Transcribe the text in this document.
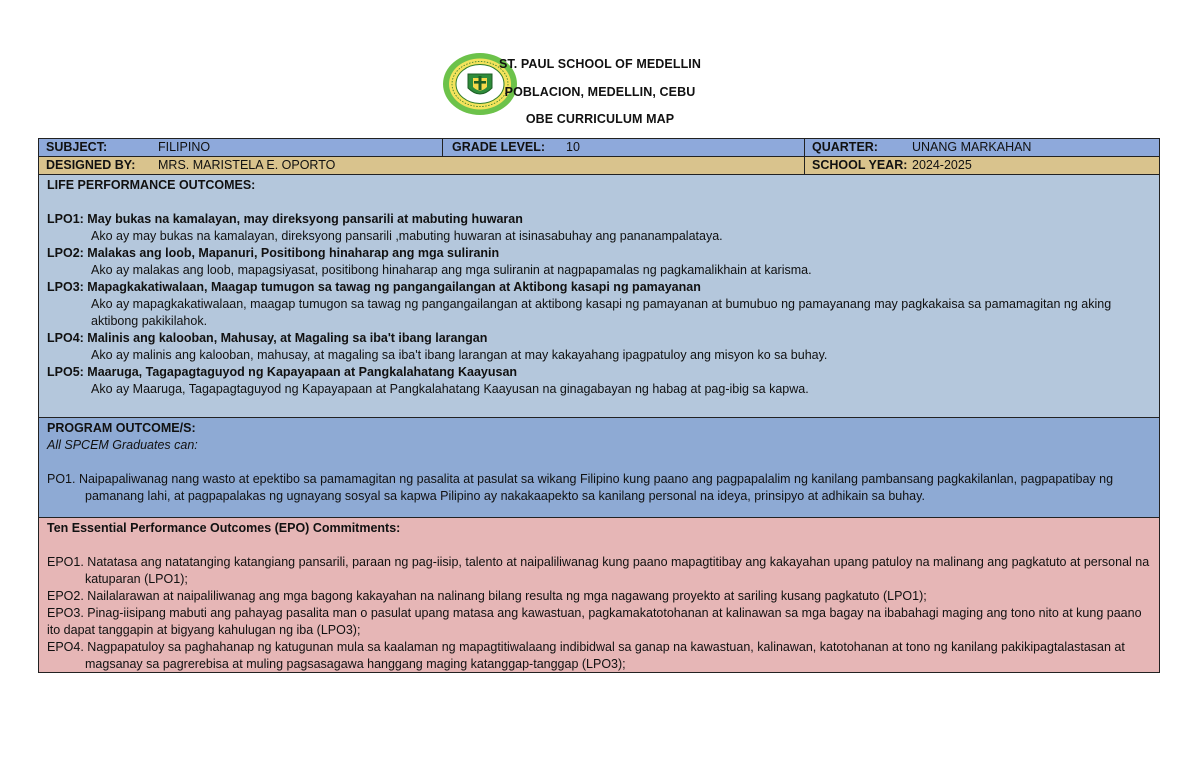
ST. PAUL SCHOOL OF MEDELLIN
POBLACION, MEDELLIN, CEBU
OBE CURRICULUM MAP
SUBJECT:	FILIPINO	GRADE LEVEL: 10	QUARTER:	UNANG MARKAHAN
DESIGNED BY: MRS. MARISTELA E. OPORTO	SCHOOL YEAR: 2024-2025

LIFE PERFORMANCE OUTCOMES:

LPO1: May bukas na kamalayan, may direksyong pansarili at mabuting huwaran

Ako ay may bukas na kamalayan, direksyong pansarili ,mabuting huwaran at isinasabuhay ang pananampalataya.

LPO2: Malakas ang loob, Mapanuri, Positibong hinaharap ang mga suliranin

Ako ay malakas ang loob, mapagsiyasat, positibong hinaharap ang mga suliranin at nagpapamalas ng pagkamalikhain at karisma.

LPO3: Mapagkakatiwalaan, Maagap tumugon sa tawag ng pangangailangan at Aktibong kasapi ng pamayanan

Ako ay mapagkakatiwalaan, maagap tumugon sa tawag ng pangangailangan at aktibong kasapi ng pamayanan at bumubuo ng pamayanang may pagkakaisa sa pamamagitan ng aking aktibong pakikilahok.

LPO4: Malinis ang kalooban, Mahusay, at Magaling sa iba't ibang larangan

Ako ay malinis ang kalooban, mahusay, at magaling sa iba't ibang larangan at may kakayahang ipagpatuloy ang misyon ko sa buhay.

LPO5: Maaruga, Tagapagtaguyod ng Kapayapaan at Pangkalahatang Kaayusan

Ako ay Maaruga, Tagapagtaguyod ng Kapayapaan at Pangkalahatang Kaayusan na ginagabayan ng habag at pag-ibig sa kapwa.

PROGRAM OUTCOME/S:

All SPCEM Graduates can:

PO1. Naipapaliwanag nang wasto at epektibo sa pamamagitan ng pasalita at pasulat sa wikang Filipino kung paano ang pagpapalalim ng kanilang pambansang pagkakilanlan, pagpapatibay ng pamanang lahi, at pagpapalakas ng ugnayang sosyal sa kapwa Pilipino ay nakakaapekto sa kanilang personal na ideya, prinsipyo at adhikain sa buhay.

Ten Essential Performance Outcomes (EPO) Commitments:

EPO1. Natatasa ang natatanging katangiang pansarili, paraan ng pag-iisip, talento at naipaliliwanag kung paano mapagtitibay ang kakayahan upang patuloy na malinang ang pagkatuto at personal na katuparan (LPO1);

EPO2. Nailalarawan at naipaliliwanag ang mga bagong kakayahan na nalinang bilang resulta ng mga nagawang proyekto at sariling kusang pagkatuto (LPO1);

EPO3. Pinag-iisipang mabuti ang pahayag pasalita man o pasulat upang matasa ang kawastuan, pagkamakatotohanan at kalinawan sa mga bagay na ibabahagi maging ang tono nito at kung paano ito dapat tanggapin at bigyang kahulugan ng iba (LPO3);

EPO4. Nagpapatuloy sa paghahanap ng katugunan mula sa kaalaman ng mapagtitiwalaang indibidwal sa ganap na kawastuan, kalinawan, katotohanan at tono ng kanilang pakikipagtalastasan at magsanay sa pagrerebisa at muling pagsasagawa hanggang maging katanggap-tanggap (LPO3);
